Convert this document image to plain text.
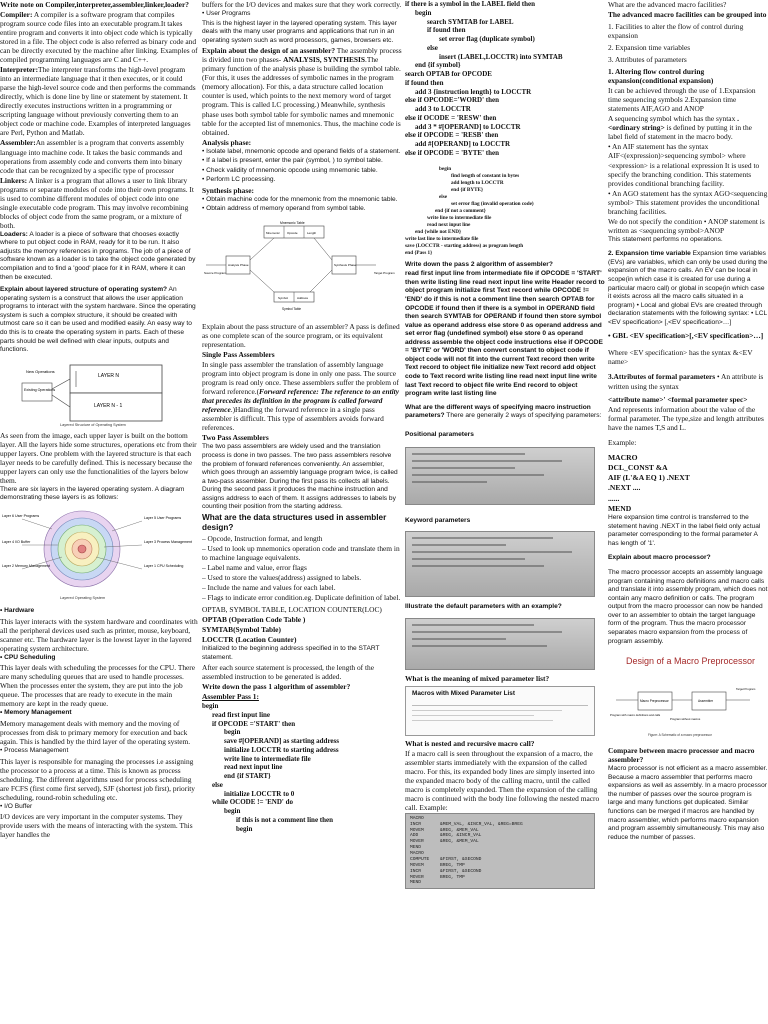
Write note on Compiler,interpreter,assembler,linker,loader?

Compiler: A compiler is a software program that compiles program source code files into an executable program.It takes entire program and converts it into object code which is typically stored in a file. The object code is also referred as binary code and can be directly executed by the machine after linking. Examples of compiled programming languages are C and C++.

Interpreter:The interpreter transforms the high-level program into an intermediate language that it then executes, or it could parse the high-level source code and then performs the commands directly, which is done line by line or statement by statement. It directly executes instructions written in a programming or scripting language without previously converting them to an object code or machine code. Examples of interpreted languages are Perl, Python and Matlab.

Assembler:An assembler is a program that converts assembly language into machine code. It takes the basic commands and operations from assembly code and converts them into binary code that can be recognized by a specific type of processor

Linkers: A linker is a program that allows a user to link library programs or separate modules of code into their own programs. It is used to combine different modules of object code into one single executable code program. This may involve recombining blocks of object code from the same program, or a mixture of both.

Loaders: A loader is a piece of software that chooses exactly where to put object code in RAM, ready for it to be run. It also adjusts the memory references in programs. The job of a piece of software known as a loader is to take the object code generated by compilation and to find a 'good' place for it in RAM, where it can then be executed.

Explain about layered structure of operating system? An operating system is a construct that allows the user application programs to interact with the system hardware. Since the operating system is such a complex structure, it should be created with utmost care so it can be used and modified easily. An easy way to do this is to create the operating system in parts. Each of these parts should be well defined with clear inputs, outputs and functions.

New Operations
LAYER N
Existing Operations
LAYER N - 1
Layered Structure of Operating System

As seen from the image, each upper layer is built on the bottom layer. All the layers hide some structures, operations etc from their upper layers. One problem with the layered structure is that each layer needs to be carefully defined. This is necessary because the upper layers can only use the functionalities of the layers below them.

There are six layers in the layered operating system. A diagram demonstrating these layers is as follows:

Layer 6 User Programs
Layer 4 I/O Buffer
Layer 2 Memory Management
Layer 5 User Programs
Layer 3 Process Management
Layer 1 CPU Scheduling
Layered Operating System

• Hardware

This layer interacts with the system hardware and coordinates with all the peripheral devices used such as printer, mouse, keyboard, scanner etc. The hardware layer is the lowest layer in the layered operating system architecture.

• CPU Scheduling

This layer deals with scheduling the processes for the CPU. There are many scheduling queues that are used to handle processes. When the processes enter the system, they are put into the job queue. The processes that are ready to execute in the main memory are kept in the ready queue.

• Memory Management

Memory management deals with memory and the moving of processes from disk to primary memory for execution and back again. This is handled by the third layer of the operating system.

• Process Management

This layer is responsible for managing the processes i.e assigning the processor to a process at a time. This is known as process scheduling. The different algorithms used for process scheduling are FCFS (first come first served), SJF (shortest job first), priority scheduling, round-robin scheduling etc.

• I/O Buffer

I/O devices are very important in the computer systems. They provide users with the means of interacting with the system. This layer handles the

buffers for the I/O devices and makes sure that they work correctly.

• User Programs

This is the highest layer in the layered operating system. This layer deals with the many user programs and applications that run in an operating system such as word processors, games, browsers etc.

Explain about the design of an assembler? The assembly process is divided into two phases- ANALYSIS, SYNTHESIS.The primary function of the analysis phase is building the symbol table.(For this, it uses the addresses of symbolic names in the program (memory allocation). For this, a data structure called location counter is used, which points to the next memory word of target program. This is called LC processing.) Meanwhile, synthesis phase uses both symbol table for symbolic names and mnemonic table for the accepted list of mnemonics. Thus, the machine code is obtained.

Analysis phase:

• Isolate label, mnemonic opcode and operand fields of a statement.

• If a label is present, enter the pair (symbol, ) to symbol table.

• Check validity of mnemonic opcode using mnemonic table.

• Perform LC processing.

Synthesis phase:

• Obtain machine code for the mnemonic from the mnemonic table.

• Obtain address of memory operand from symbol table.

Mnemonic Table
Mnemonic Opcode	Length
Source Program
Analysis Phase	Synthesis Phase
Target Program
Symbol	Address
Symbol Table

Explain about the pass structure of an assembler? A pass is defined as one complete scan of the source program, or its equivalent representation.

Single Pass Assemblers

In single pass assembler the translation of assembly language program into object program is done in only one pass. The source program is read only once. These assemblers suffer the problem of forward reference.(Forward reference: The reference to an entity that precedes its definition in the program is called forward reference.)Handling the forward reference in a single pass assembler is difficult. This type of assemblers avoids forward references.

Two Pass Assemblers

The two pass assemblers are widely used and the translation process is done in two passes. The two pass assemblers resolve the problem of forward references conveniently. An assembler, which goes through an assembly language program twice, is called a two-pass assembler. During the first pass its collects all labels. During the second pass it produces the machine instruction and assigns address to each of them. It assigns addresses to labels by counting their position from the starting address.

What are the data structures used in assembler design?

– Opcode, Instruction format, and length

– Used to look up mnemonics operation code and translate them in to machine language equivalents.

– Label name and value, error flags

– Used to store the values(address) assigned to labels.

– Include the name and values for each label.

– Flags to indicate error condition.eg. Duplicate definition of label.

OPTAB, SYMBOL TABLE, LOCATION COUNTER(LOC)

OPTAB (Operation Code Table )

SYMTAB(Symbol Table)

LOCCTR (Location Counter)

Initialized to the beginning address specified in to the START statement.

After each source statement is processed, the length of the assembled instruction to be generated is added.

Write down the pass 1 algorithm of assembler?

Assembler Pass 1:

begin
read first input line
if OPCODE ='START' then
begin
save #[OPERAND] as starting address
initialize LOCCTR to starting address
write line to intermediate file
read next input line
end {if START}
else
initialize LOCCTR to 0
while OCODE != 'END' do
begin
if this is not a comment line then
begin
if there is a symbol in the LABEL field then
begin
search SYMTAB for LABEL
if found then
set error flag (duplicate symbol)
else
insert (LABEL,LOCCTR) into SYMTAB
end {if symbol}
search OPTAB for OPCODE
if found then
add 3 {instruction length} to LOCCTR
else if OPCODE='WORD' then
add 3 to LOCCTR
else if OCODE = 'RESW' then
add 3 * #[OPERAND] to LOCCTR
else if OPCODE = 'RESB' then
add #[OPERAND] to LOCCTR
else if OPCODE = 'BYTE' then
begin
find length of constant in bytes
add length to LOCCTR
end {if BYTE}
else
set error flag (invalid operation code)
end {if not a comment}
write line to intermediate file
read next input line
end {while not END}
write last line to intermediate file
save (LOCCTR - starting address) as program length
end {Pass 1}

Write down the pass 2 algorithm of assembler?

read first input line from intermediate file if OPCODE = 'START' then write listing line read next input line write Header record to object program initialize first Text record while OPCODE != 'END' do if this is not a comment line then search OPTAB for OPCODE if found then if there is a symbol in OPERAND field then search SYMTAB for OPERAND if found then store symbol value as operand address else store 0 as operand address and set error flag (undefined symbol) else store 0 as operand address assemble the object code instructions else if OPCODE = 'BYTE' or 'WORD' then convert constant to object code if object code will not fit into the current Text record then write Text record to object file initialize new Text record add object code to Text record write listing line read next input line write last Text record to object file write End record to object program write last listing line

What are the different ways of specifying macro instruction parameters? There are generally 2 ways of specifying parameters:

Positional parameters

Keyword parameters

Illustrate the default parameters with an example?

What is the meaning of mixed parameter list?

Macros with Mixed Parameter List

What is nested and recursive macro call?

If a macro call is seen throughout the expansion of a macro, the assembler starts immediately with the expansion of the called macro. For this, its expanded body lines are simply inserted into the expanded macro body of the calling macro, until the called macro is completely expanded. Then the expansion of the calling macro is continued with the body line following the nested macro call. Example:

MACRO
INCR	&MEM_VAL, &INCR_VAL, &REG=BREG
MOVEM	&REG, &MEM_VAL
ADD	&REG, &INCR_VAL
MOVER	&REG, &MEM_VAL
MEND
MACRO
COMPUTE &FIRST, &SECOND
MOVEM	BREG, TMP
INCR	&FIRST, &SECOND
MOVER	BREG, TMP
MEND

What are the advanced macro facilities?

The advanced macro facilities can be grouped into

1. Facilities to alter the flow of control during expansion

2. Expansion time variables

3. Attributes of parameters

1. Altering flow control during expansion(conditional expansion)

It can be achieved through the use of 1.Expansion time sequencing symbols 2.Expansion time statements AIF,AGO and ANOP

A sequencing symbol which has the syntax .<ordinary string> is defined by putting it in the label field of statement in the macro body.

• An AIF statement has the syntax AIF<(expression)>sequencing symbol> where <expression> is a relational expression It is used to specify the branching condition. This statements provides conditional branching facility.

• An AGO statement has the syntax AGO<sequencing symbol> This statement provides the unconditional branching facilities.

We do not specify the condition • ANOP statement is written as <sequencing symbol>ANOP

This statement performs no operations.

2. Expansion time variable Expansion time variables (EVs) are variables, which can only be used during the expansion of the macro calls. An EV can be local in scope(in which case it is created for use during a particular macro call) or global in scope(in which case it exists across all the macro calls situated in a program) • Local and global EVs are created through declaration statements with the following syntax: • LCL <EV specification> [,<EV specification>…]

• GBL <EV specification>[,<EV specification>…]

Where <EV specification> has the syntax &<EV name>

3.Attributes of formal parameters • An attribute is written using the syntax

<attribute name>' <formal parameter spec>

And represents information about the value of the formal parameter. The type,size and length attributes have the names T,S and L.

Example:

MACRO

DCL_CONST &A

AIF (L'&A EQ 1) .NEXT

.NEXT ....

......

MEND

Here expansion time control is transferred to the stetement having .NEXT in the label field only actual parameter corresponding to the formal parameter A has length of '1'.

Explain about macro processor?

The macro processor accepts an assembly language program containing macro definitions and macro calls and translate it into assembly program, which does not contain any macro definition or calls. The program output from the macro processor can now be handed over to an assembler to obtain the target language form of the program. Thus the macro processor separates macro expansion from the process of program assembly.

Design of a Macro Preprocessor
Macro Preprocessor	Assembler
Program with macro definitions and calls
Program without macros
Target Program
Figure: A Schematic of a macro preprocessor

Compare between macro processor and macro assembler?

Macro processor is not efficient as a macro assembler. Because a macro assembler that performs macro expansions as well as assembly. In a macro processor the number of passes over the source program is large and many functions get duplicated. Similar functions can be merged if macros are handled by macro assembler, which performs macro expansion and program assembly simultaneously. This may also reduce the number of passes.
